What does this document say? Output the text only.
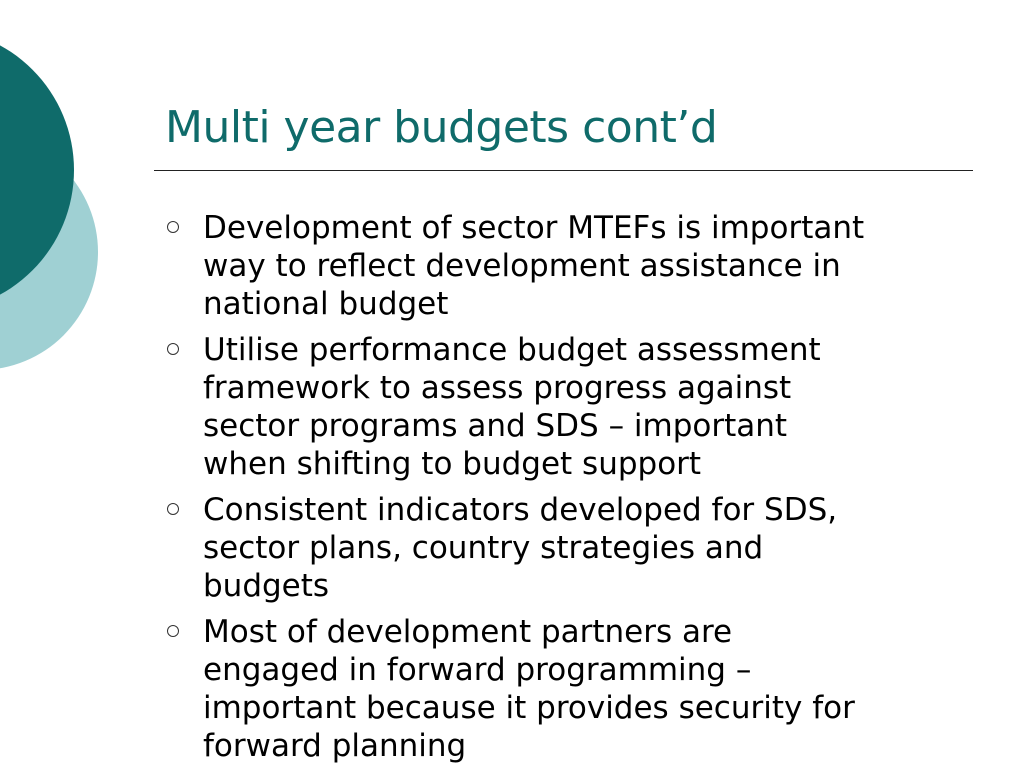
Multi year budgets cont’d
Development of sector MTEFs is important
way to reflect development assistance in
national budget
Utilise performance budget assessment
framework to assess progress against
sector programs and SDS – important
when shifting to budget support
Consistent indicators developed for SDS,
sector plans, country strategies and
budgets
Most of development partners are
engaged in forward programming –
important because it provides security for
forward planning
